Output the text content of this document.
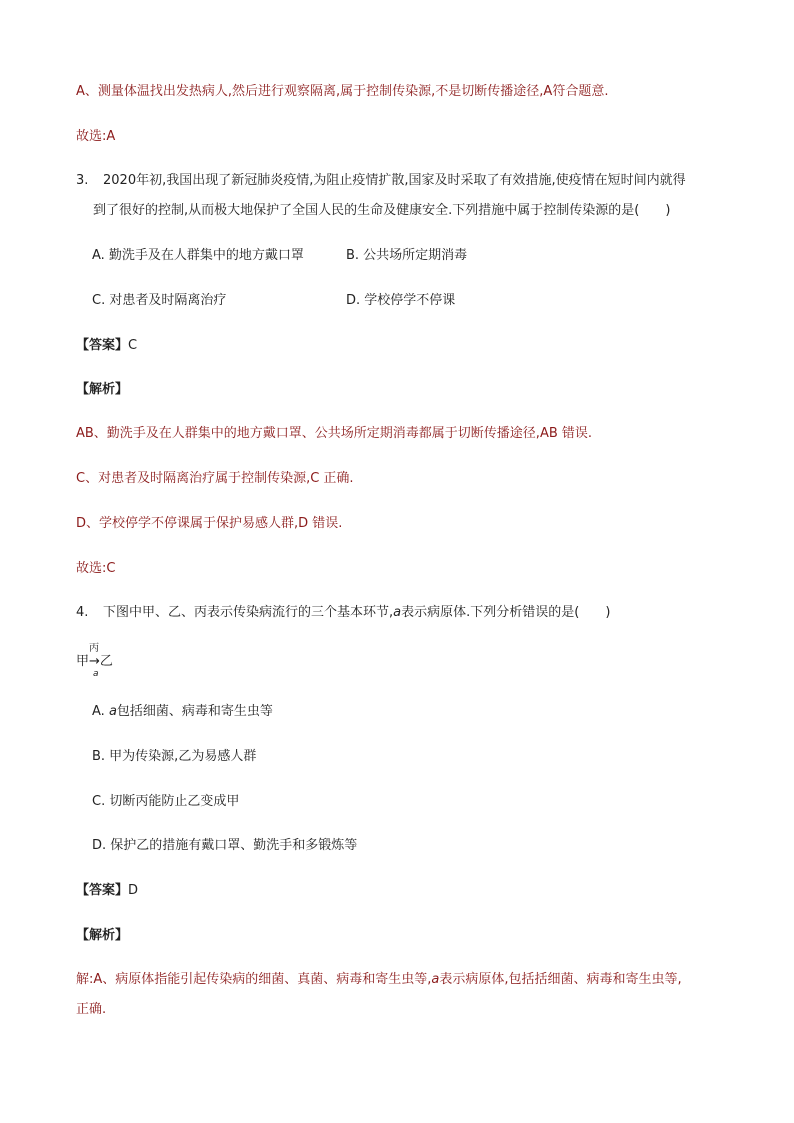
A、测量体温找出发热病人,然后进行观察隔离,属于控制传染源,不是切断传播途径,A符合题意.
故选:A
3. 2020年初,我国出现了新冠肺炎疫情,为阻止疫情扩散,国家及时采取了有效措施,使疫情在短时间内就得
到了很好的控制,从而极大地保护了全国人民的生命及健康安全.下列措施中属于控制传染源的是( )
A. 勤洗手及在人群集中的地方戴口罩	B. 公共场所定期消毒
C. 对患者及时隔离治疗	D. 学校停学不停课
【答案】C
【解析】
AB、勤洗手及在人群集中的地方戴口罩、公共场所定期消毒都属于切断传播途径,AB 错误.
C、对患者及时隔离治疗属于控制传染源,C 正确.
D、学校停学不停课属于保护易感人群,D 错误.
故选:C
4. 下图中甲、乙、丙表示传染病流行的三个基本环节,a表示病原体.下列分析错误的是( )
丙
甲→乙
a
A. a包括细菌、病毒和寄生虫等
B. 甲为传染源,乙为易感人群
C. 切断丙能防止乙变成甲
D. 保护乙的措施有戴口罩、勤洗手和多锻炼等
【答案】D
【解析】
解:A、病原体指能引起传染病的细菌、真菌、病毒和寄生虫等,a表示病原体,包括括细菌、病毒和寄生虫等,
正确.
